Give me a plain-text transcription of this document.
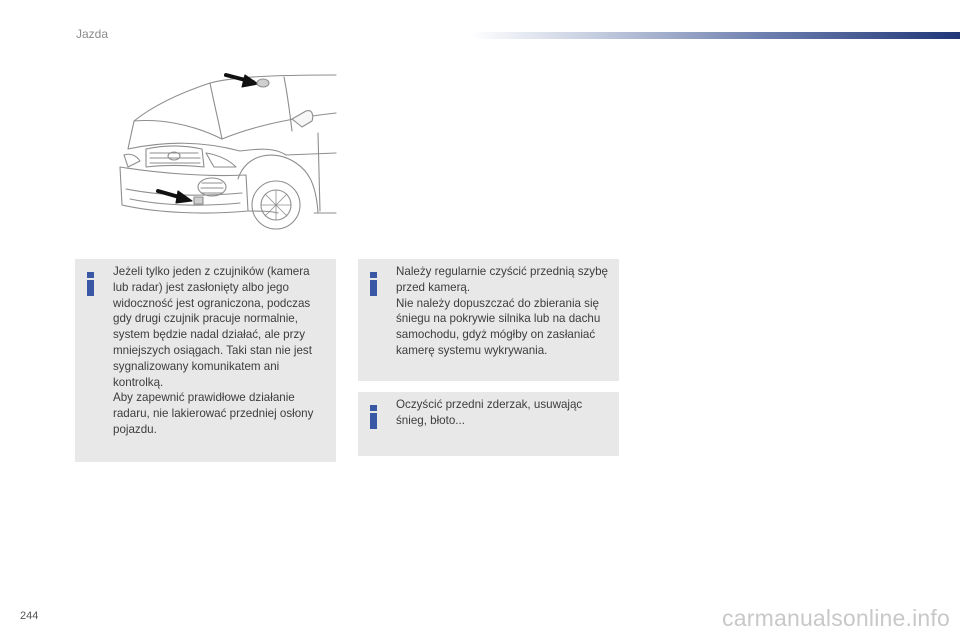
Jazda

Jeżeli tylko jeden z czujników (kamera lub radar) jest zasłonięty albo jego widoczność jest ograniczona, podczas gdy drugi czujnik pracuje normalnie, system będzie nadal działać, ale przy mniejszych osiągach. Taki stan nie jest sygnalizowany komunikatem ani kontrolką.

Aby zapewnić prawidłowe działanie radaru, nie lakierować przedniej osłony pojazdu.

Należy regularnie czyścić przednią szybę przed kamerą.

Nie należy dopuszczać do zbierania się śniegu na pokrywie silnika lub na dachu samochodu, gdyż mógłby on zasłaniać kamerę systemu wykrywania.

Oczyścić przedni zderzak, usuwając śnieg, błoto...

244	carmanualsonline.info
